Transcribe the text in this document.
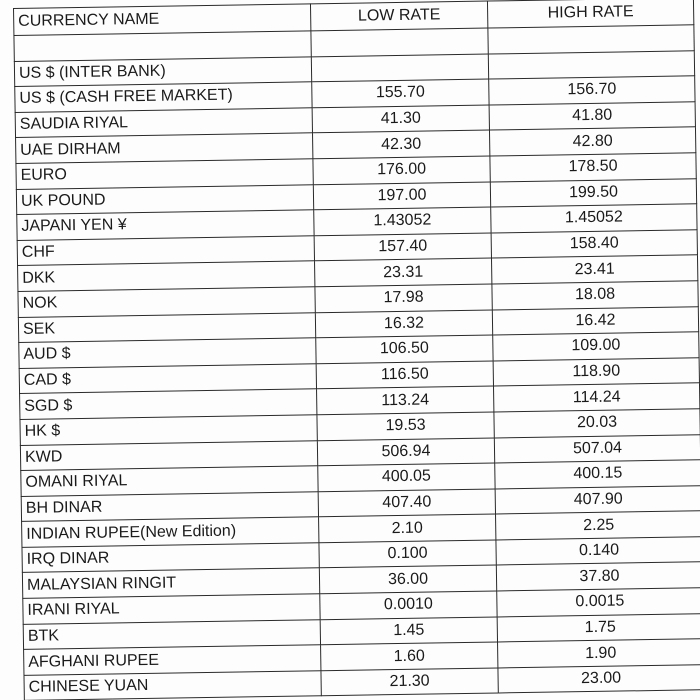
CURRENCY NAME	LOW RATE	HIGH RATE

US $ (INTER BANK)		
US $ (CASH FREE MARKET)	155.70	156.70
SAUDIA RIYAL	41.30	41.80
UAE DIRHAM	42.30	42.80
EURO	176.00	178.50
UK POUND	197.00	199.50
JAPANI YEN ¥	1.43052	1.45052
CHF	157.40	158.40
DKK	23.31	23.41
NOK	17.98	18.08
SEK	16.32	16.42
AUD $	106.50	109.00
CAD $	116.50	118.90
SGD $	113.24	114.24
HK $	19.53	20.03
KWD	506.94	507.04
OMANI RIYAL	400.05	400.15
BH DINAR	407.40	407.90
INDIAN RUPEE(New Edition)	2.10	2.25
IRQ DINAR	0.100	0.140
MALAYSIAN RINGIT	36.00	37.80
IRANI RIYAL	0.0010	0.0015
BTK	1.45	1.75
AFGHANI RUPEE	1.60	1.90
CHINESE YUAN	21.30	23.00
